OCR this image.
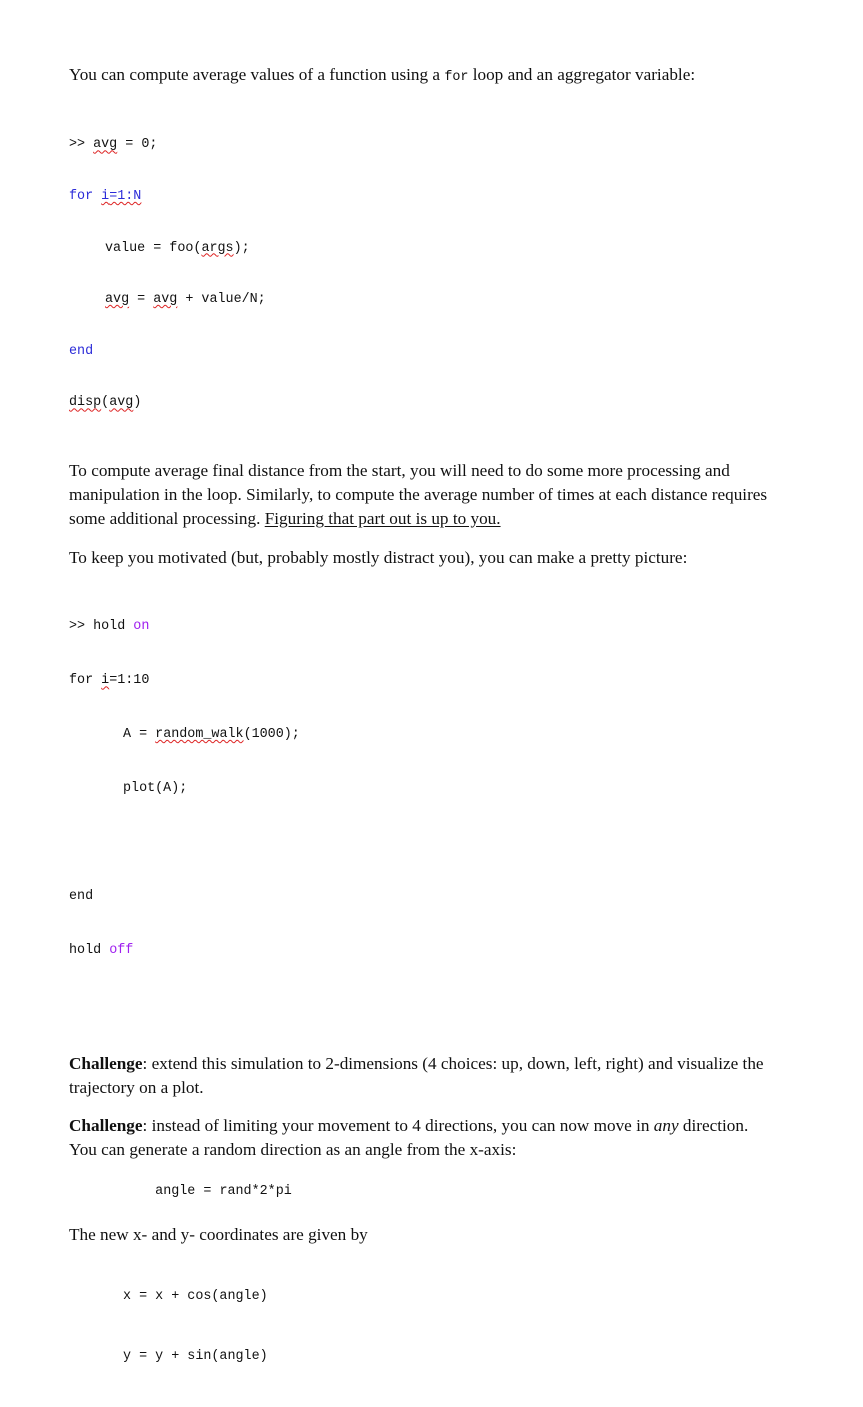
You can compute average values of a function using a for loop and an aggregator variable:

>> avg = 0;

for i=1:N

value = foo(args);

avg = avg + value/N;

end

disp(avg)

To compute average final distance from the start, you will need to do some more processing and manipulation in the loop. Similarly, to compute the average number of times at each distance requires some additional processing. Figuring that part out is up to you.

To keep you motivated (but, probably mostly distract you), you can make a pretty picture:

>> hold on

for i=1:10

A = random_walk(1000);

plot(A);

end

hold off

Challenge: extend this simulation to 2-dimensions (4 choices: up, down, left, right) and visualize the trajectory on a plot.

Challenge: instead of limiting your movement to 4 directions, you can now move in any direction. You can generate a random direction as an angle from the x-axis:

angle = rand*2*pi

The new x- and y- coordinates are given by

x = x + cos(angle)

y = y + sin(angle)
